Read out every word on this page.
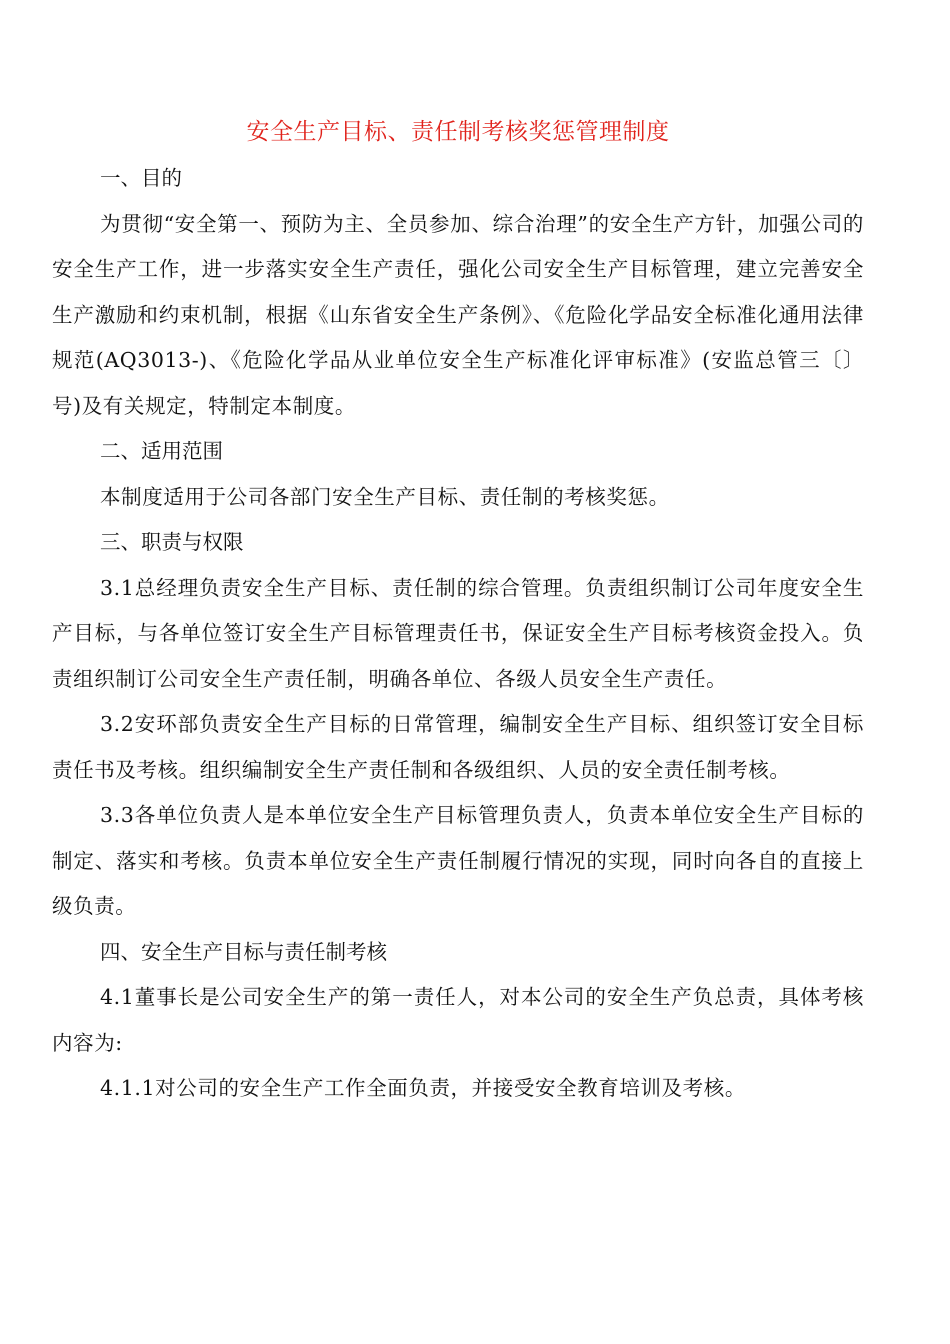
安全生产目标、责任制考核奖惩管理制度

一、目的

为贯彻“安全第一、预防为主、全员参加、综合治理”的安全生产方针，加强公司的安全生产工作，进一步落实安全生产责任，强化公司安全生产目标管理，建立完善安全生产激励和约束机制，根据《山东省安全生产条例》、《危险化学品安全标准化通用法律规范(AQ3013-)、《危险化学品从业单位安全生产标准化评审标准》(安监总管三〔〕号)及有关规定，特制定本制度。

二、适用范围

本制度适用于公司各部门安全生产目标、责任制的考核奖惩。

三、职责与权限

3.1总经理负责安全生产目标、责任制的综合管理。负责组织制订公司年度安全生产目标，与各单位签订安全生产目标管理责任书，保证安全生产目标考核资金投入。负责组织制订公司安全生产责任制，明确各单位、各级人员安全生产责任。

3.2安环部负责安全生产目标的日常管理，编制安全生产目标、组织签订安全目标责任书及考核。组织编制安全生产责任制和各级组织、人员的安全责任制考核。

3.3各单位负责人是本单位安全生产目标管理负责人，负责本单位安全生产目标的制定、落实和考核。负责本单位安全生产责任制履行情况的实现，同时向各自的直接上级负责。

四、安全生产目标与责任制考核

4.1董事长是公司安全生产的第一责任人，对本公司的安全生产负总责，具体考核内容为:

4.1.1对公司的安全生产工作全面负责，并接受安全教育培训及考核。
